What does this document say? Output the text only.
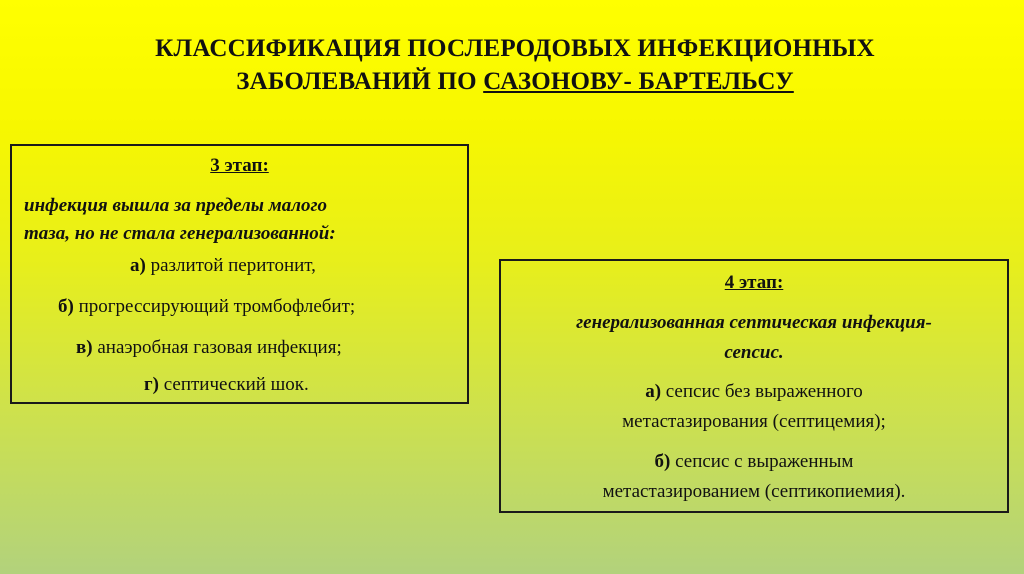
КЛАССИФИКАЦИЯ ПОСЛЕРОДОВЫХ ИНФЕКЦИОННЫХ
ЗАБОЛЕВАНИЙ ПО САЗОНОВУ- БАРТЕЛЬСУ
3 этап:
инфекция вышла за пределы малого
таза, но не стала генерализованной:
а) разлитой перитонит,
б) прогрессирующий тромбофлебит;
в) анаэробная газовая инфекция;
г) септический шок.
4 этап:
генерализованная септическая инфекция-
сепсис.
а) сепсис без выраженного
метастазирования (септицемия);
б) сепсис с выраженным
метастазированием (септикопиемия).
